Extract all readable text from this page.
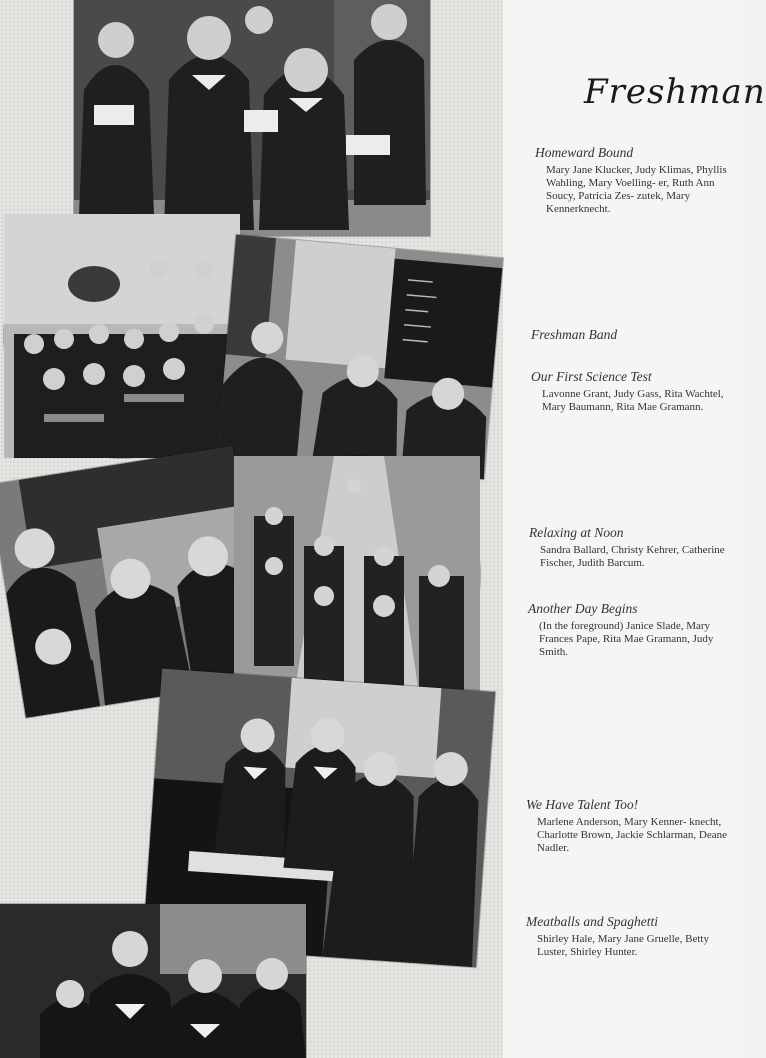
Freshman
Homeward Bound
Mary Jane Klucker, Judy Klimas, Phyllis Wahling, Mary Voelling- er, Ruth Ann Soucy, Patricia Zes- zutek, Mary Kennerknecht.
Freshman Band
Our First Science Test
Lavonne Grant, Judy Gass, Rita Wachtel, Mary Baumann, Rita Mae Gramann.
Relaxing at Noon
Sandra Ballard, Christy Kehrer, Catherine Fischer, Judith Barcum.
Another Day Begins
(In the foreground) Janice Slade, Mary Frances Pape, Rita Mae Gramann, Judy Smith.
We Have Talent Too!
Marlene Anderson, Mary Kenner- knecht, Charlotte Brown, Jackie Schlarman, Deane Nadler.
Meatballs and Spaghetti
Shirley Hale, Mary Jane Gruelle, Betty Luster, Shirley Hunter.
